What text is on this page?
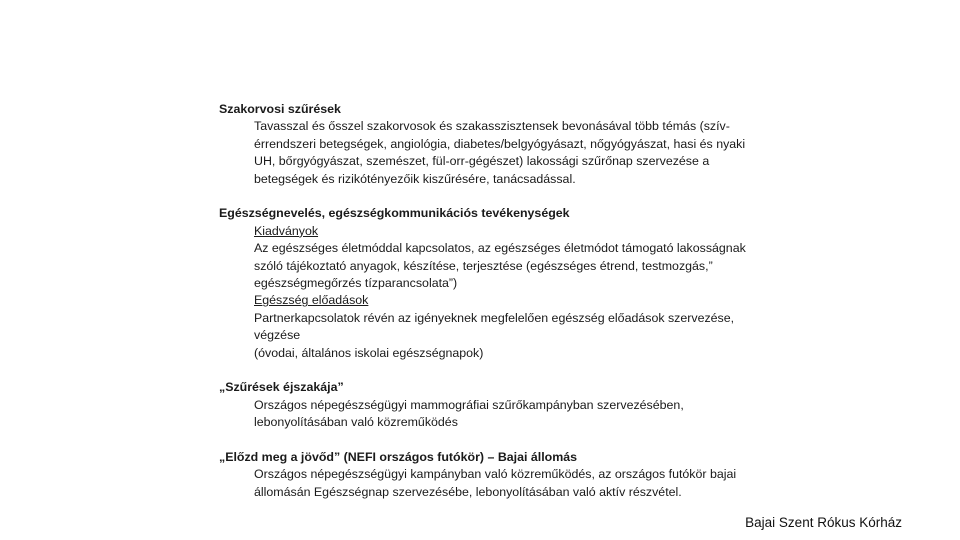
Szakorvosi szűrések

Tavasszal és ősszel szakorvosok és szakasszisztensek bevonásával több témás (szív-érrendszeri betegségek, angiológia, diabetes/belgyógyásazt, nőgyógyászat, hasi és nyaki UH, bőrgyógyászat, szemészet, fül-orr-gégészet) lakossági szűrőnap szervezése a betegségek és rizikótényezőik kiszűrésére, tanácsadással.

Egészségnevelés, egészségkommunikációs tevékenységek

Kiadványok

Az egészséges életmóddal kapcsolatos, az egészséges életmódot támogató lakosságnak szóló tájékoztató anyagok, készítése, terjesztése (egészséges étrend, testmozgás,” egészségmegőrzés tízparancsolata”)

Egészség előadások

Partnerkapcsolatok révén az igényeknek megfelelően egészség előadások szervezése, végzése

(óvodai, általános iskolai egészségnapok)

„Szűrések éjszakája”

Országos népegészségügyi mammográfiai szűrőkampányban szervezésében, lebonyolításában való közreműködés

„Előzd meg a jövőd” (NEFI országos futókör) – Bajai állomás

Országos népegészségügyi kampányban való közreműködés, az országos futókör bajai állomásán Egészségnap szervezésébe, lebonyolításában való aktív részvétel.

Bajai Szent Rókus Kórház
